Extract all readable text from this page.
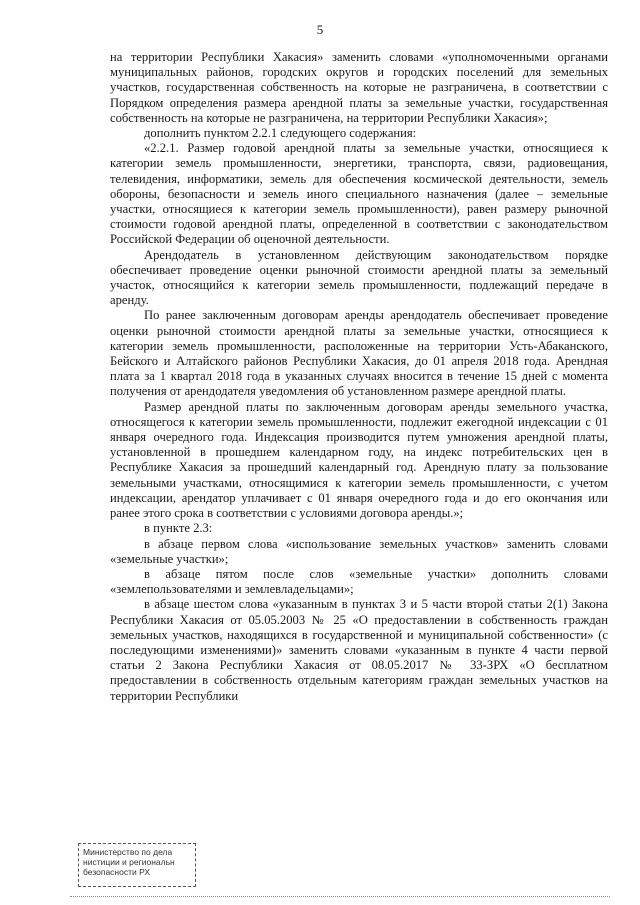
5

на территории Республики Хакасия» заменить словами «уполномоченными органами муниципальных районов, городских округов и городских поселений для земельных участков, государственная собственность на которые не разграничена, в соответствии с Порядком определения размера арендной платы за земельные участки, государственная собственность на которые не разграничена, на территории Республики Хакасия»;

дополнить пунктом 2.2.1 следующего содержания:

«2.2.1. Размер годовой арендной платы за земельные участки, относящиеся к категории земель промышленности, энергетики, транспорта, связи, радиовещания, телевидения, информатики, земель для обеспечения космической деятельности, земель обороны, безопасности и земель иного специального назначения (далее – земельные участки, относящиеся к категории земель промышленности), равен размеру рыночной стоимости годовой арендной платы, определенной в соответствии с законодательством Российской Федерации об оценочной деятельности.

Арендодатель в установленном действующим законодательством порядке обеспечивает проведение оценки рыночной стоимости арендной платы за земельный участок, относящийся к категории земель промышленности, подлежащий передаче в аренду.

По ранее заключенным договорам аренды арендодатель обеспечивает проведение оценки рыночной стоимости арендной платы за земельные участки, относящиеся к категории земель промышленности, расположенные на территории Усть-Абаканского, Бейского и Алтайского районов Республики Хакасия, до 01 апреля 2018 года. Арендная плата за 1 квартал 2018 года в указанных случаях вносится в течение 15 дней с момента получения от арендодателя уведомления об установленном размере арендной платы.

Размер арендной платы по заключенным договорам аренды земельного участка, относящегося к категории земель промышленности, подлежит ежегодной индексации с 01 января очередного года. Индексация производится путем умножения арендной платы, установленной в прошедшем календарном году, на индекс потребительских цен в Республике Хакасия за прошедший календарный год. Арендную плату за пользование земельными участками, относящимися к категории земель промышленности, с учетом индексации, арендатор уплачивает с 01 января очередного года и до его окончания или ранее этого срока в соответствии с условиями договора аренды.»;

в пункте 2.3:

в абзаце первом слова «использование земельных участков» заменить словами «земельные участки»;

в абзаце пятом после слов «земельные участки» дополнить словами «землепользователями и землевладельцами»;

в абзаце шестом слова «указанным в пунктах 3 и 5 части второй статьи 2(1) Закона Республики Хакасия от 05.05.2003 № 25 «О предоставлении в собственность граждан земельных участков, находящихся в государственной и муниципальной собственности» (с последующими изменениями)» заменить словами «указанным в пункте 4 части первой статьи 2 Закона Республики Хакасия от 08.05.2017 № 33-ЗРХ «О бесплатном предоставлении в собственность отдельным категориям граждан земельных участков на территории Республики

Министерство по дела
нистиции и региональн
безопасности РХ
